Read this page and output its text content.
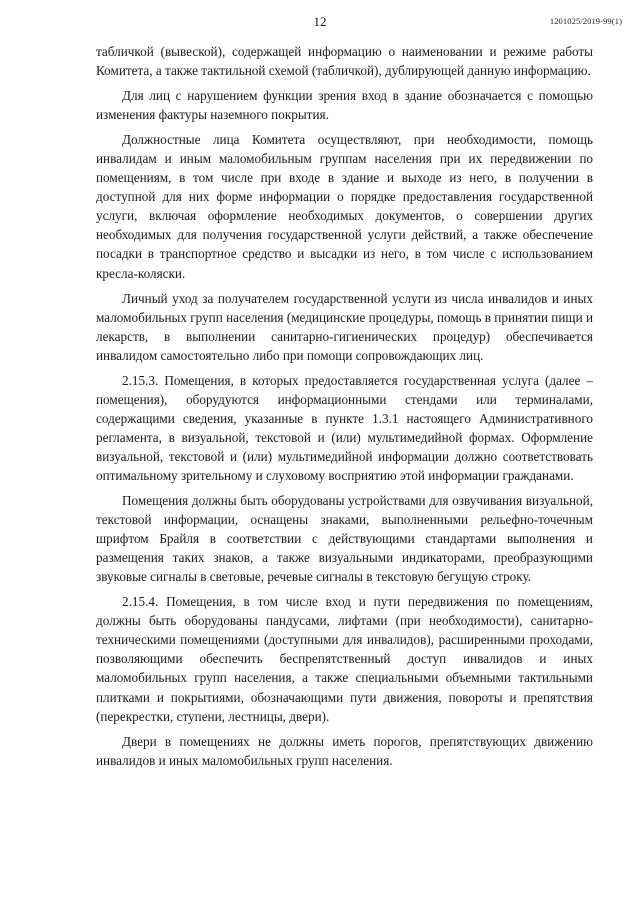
12	1201025/2019-99(1)

табличкой (вывеской), содержащей информацию о наименовании и режиме работы Комитета, а также тактильной схемой (табличкой), дублирующей данную информацию.

Для лиц с нарушением функции зрения вход в здание обозначается с помощью изменения фактуры наземного покрытия.

Должностные лица Комитета осуществляют, при необходимости, помощь инвалидам и иным маломобильным группам населения при их передвижении по помещениям, в том числе при входе в здание и выходе из него, в получении в доступной для них форме информации о порядке предоставления государственной услуги, включая оформление необходимых документов, о совершении других необходимых для получения государственной услуги действий, а также обеспечение посадки в транспортное средство и высадки из него, в том числе с использованием кресла-коляски.

Личный уход за получателем государственной услуги из числа инвалидов и иных маломобильных групп населения (медицинские процедуры, помощь в принятии пищи и лекарств, в выполнении санитарно-гигиенических процедур) обеспечивается инвалидом самостоятельно либо при помощи сопровождающих лиц.

2.15.3. Помещения, в которых предоставляется государственная услуга (далее – помещения), оборудуются информационными стендами или терминалами, содержащими сведения, указанные в пункте 1.3.1 настоящего Административного регламента, в визуальной, текстовой и (или) мультимедийной формах. Оформление визуальной, текстовой и (или) мультимедийной информации должно соответствовать оптимальному зрительному и слуховому восприятию этой информации гражданами.

Помещения должны быть оборудованы устройствами для озвучивания визуальной, текстовой информации, оснащены знаками, выполненными рельефно-точечным шрифтом Брайля в соответствии с действующими стандартами выполнения и размещения таких знаков, а также визуальными индикаторами, преобразующими звуковые сигналы в световые, речевые сигналы в текстовую бегущую строку.

2.15.4. Помещения, в том числе вход и пути передвижения по помещениям, должны быть оборудованы пандусами, лифтами (при необходимости), санитарно-техническими помещениями (доступными для инвалидов), расширенными проходами, позволяющими обеспечить беспрепятственный доступ инвалидов и иных маломобильных групп населения, а также специальными объемными тактильными плитками и покрытиями, обозначающими пути движения, повороты и препятствия (перекрестки, ступени, лестницы, двери).

Двери в помещениях не должны иметь порогов, препятствующих движению инвалидов и иных маломобильных групп населения.
